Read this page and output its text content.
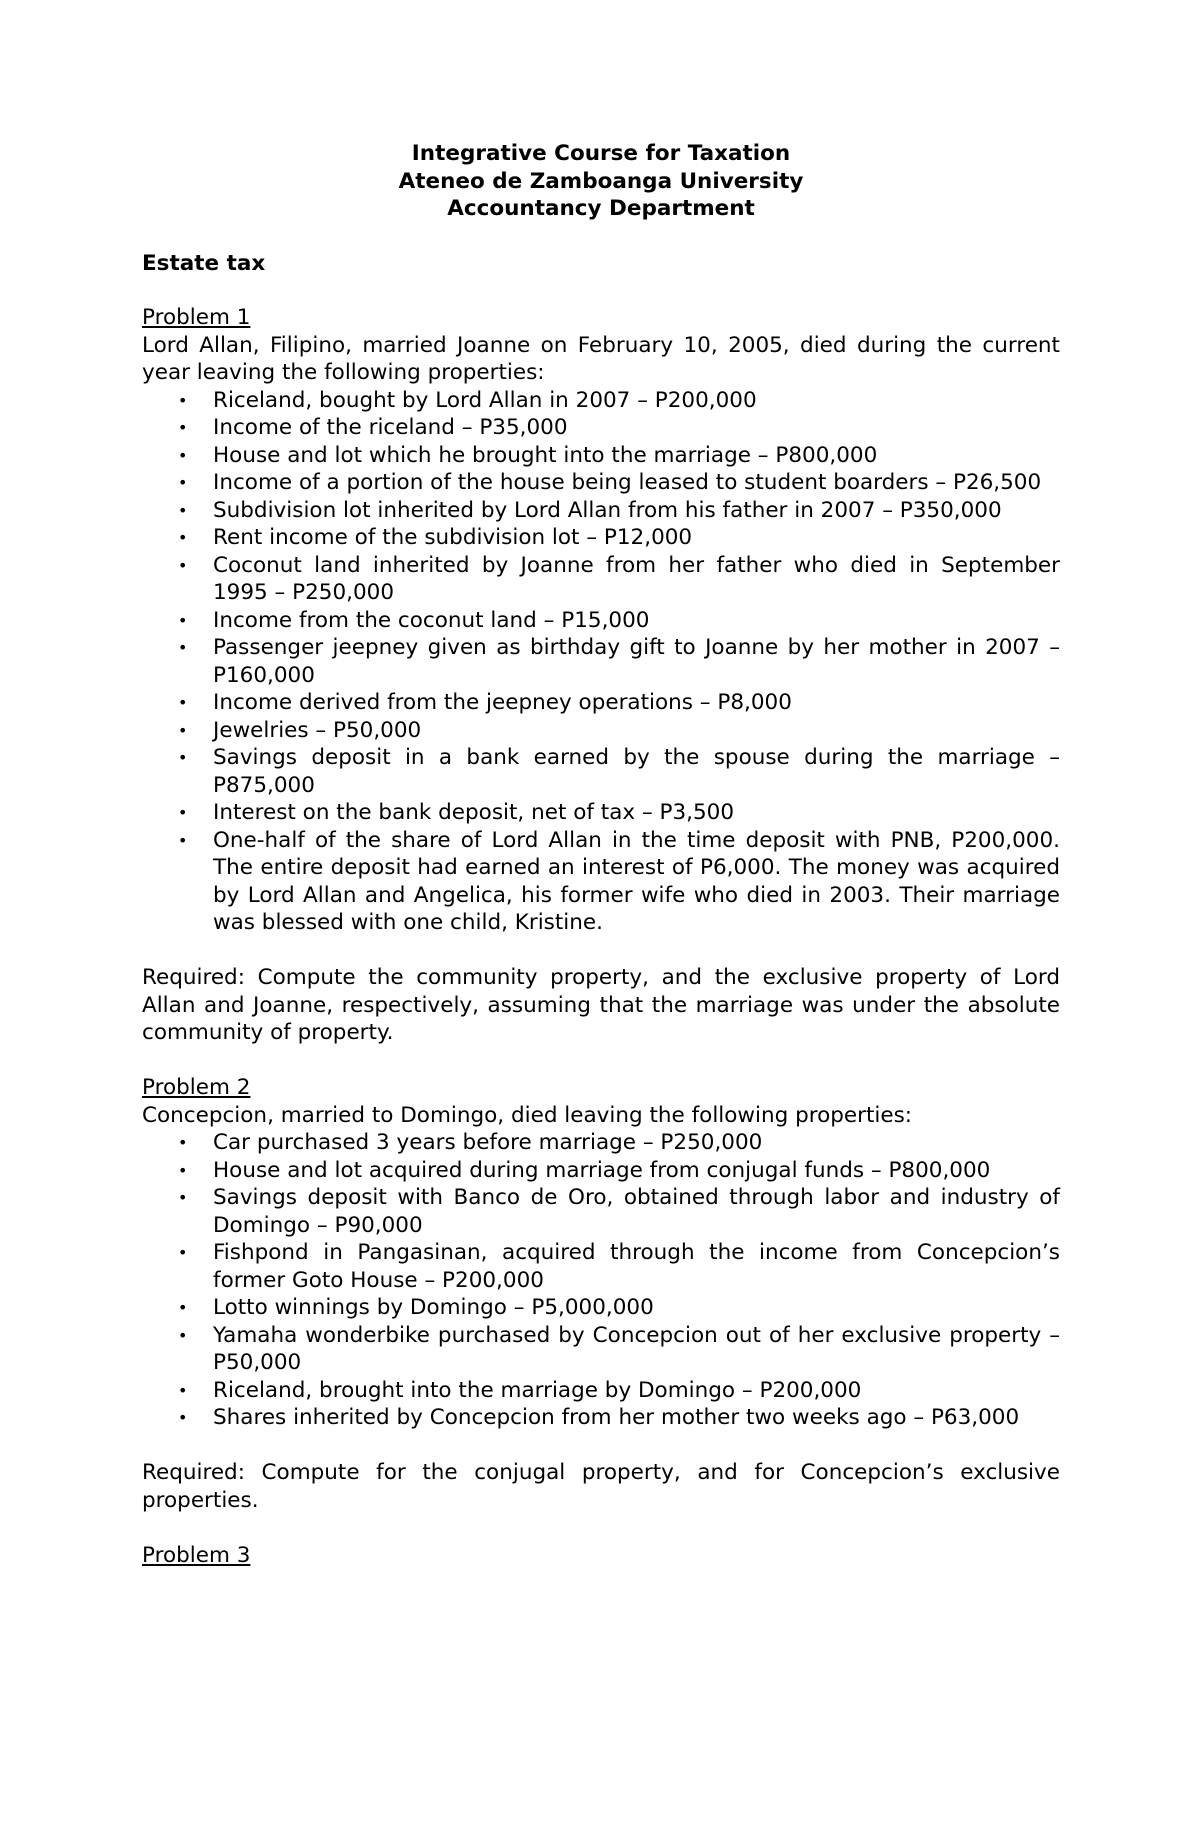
Integrative Course for Taxation
Ateneo de Zamboanga University
Accountancy Department
Estate tax
Problem 1
Lord Allan, Filipino, married Joanne on February 10, 2005, died during the current year leaving the following properties:
• Riceland, bought by Lord Allan in 2007 – P200,000
• Income of the riceland – P35,000
• House and lot which he brought into the marriage – P800,000
• Income of a portion of the house being leased to student boarders – P26,500
• Subdivision lot inherited by Lord Allan from his father in 2007 – P350,000
• Rent income of the subdivision lot – P12,000
• Coconut land inherited by Joanne from her father who died in September 1995 – P250,000
• Income from the coconut land – P15,000
• Passenger jeepney given as birthday gift to Joanne by her mother in 2007 – P160,000
• Income derived from the jeepney operations – P8,000
• Jewelries – P50,000
• Savings deposit in a bank earned by the spouse during the marriage – P875,000
• Interest on the bank deposit, net of tax – P3,500
• One-half of the share of Lord Allan in the time deposit with PNB, P200,000. The entire deposit had earned an interest of P6,000. The money was acquired by Lord Allan and Angelica, his former wife who died in 2003. Their marriage was blessed with one child, Kristine.
Required: Compute the community property, and the exclusive property of Lord Allan and Joanne, respectively, assuming that the marriage was under the absolute community of property.
Problem 2
Concepcion, married to Domingo, died leaving the following properties:
• Car purchased 3 years before marriage – P250,000
• House and lot acquired during marriage from conjugal funds – P800,000
• Savings deposit with Banco de Oro, obtained through labor and industry of Domingo – P90,000
• Fishpond in Pangasinan, acquired through the income from Concepcion’s former Goto House – P200,000
• Lotto winnings by Domingo – P5,000,000
• Yamaha wonderbike purchased by Concepcion out of her exclusive property – P50,000
• Riceland, brought into the marriage by Domingo – P200,000
• Shares inherited by Concepcion from her mother two weeks ago – P63,000
Required: Compute for the conjugal property, and for Concepcion’s exclusive properties.
Problem 3
